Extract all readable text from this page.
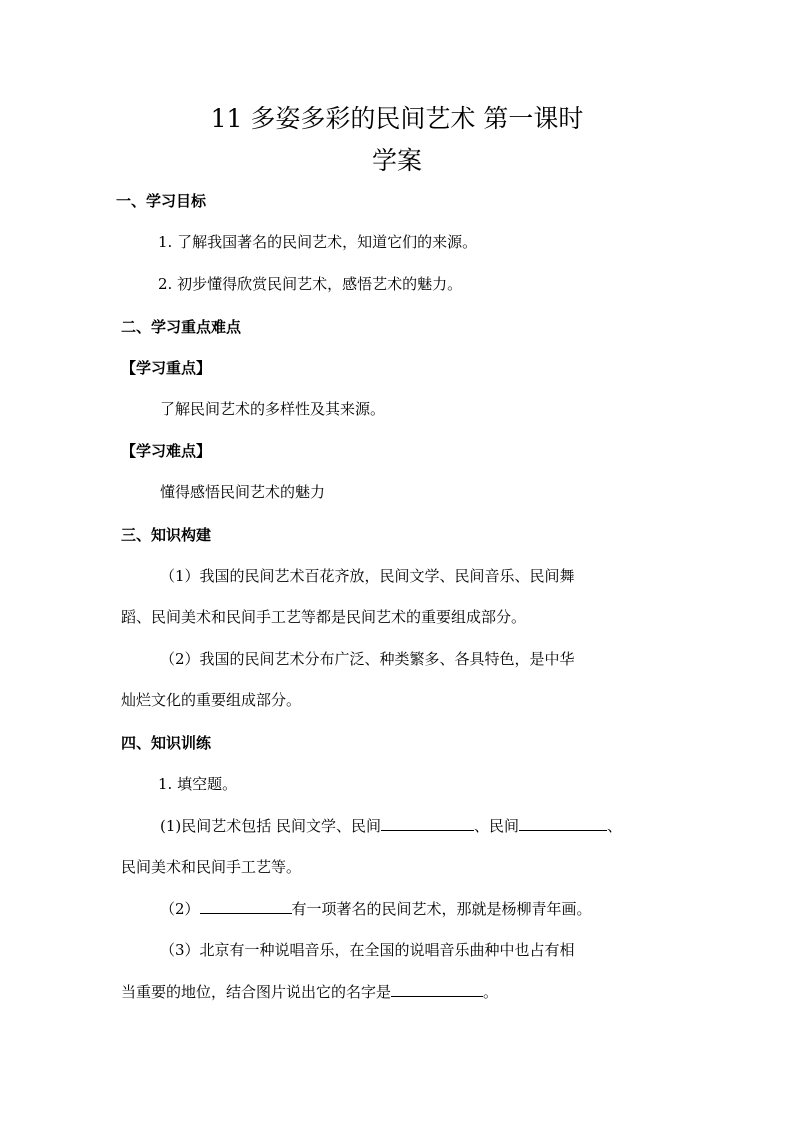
11 多姿多彩的民间艺术 第一课时
学案
一、学习目标
1. 了解我国著名的民间艺术，知道它们的来源。
2. 初步懂得欣赏民间艺术，感悟艺术的魅力。
二、学习重点难点
【学习重点】
了解民间艺术的多样性及其来源。
【学习难点】
懂得感悟民间艺术的魅力
三、知识构建
（1）我国的民间艺术百花齐放，民间文学、民间音乐、民间舞
蹈、民间美术和民间手工艺等都是民间艺术的重要组成部分。
（2）我国的民间艺术分布广泛、种类繁多、各具特色，是中华
灿烂文化的重要组成部分。
四、知识训练
1. 填空题。
(1)民间艺术包括 民间文学、民间	、民间	、
民间美术和民间手工艺等。
（2）	有一项著名的民间艺术，那就是杨柳青年画。
（3）北京有一种说唱音乐，在全国的说唱音乐曲种中也占有相
当重要的地位，结合图片说出它的名字是	。
